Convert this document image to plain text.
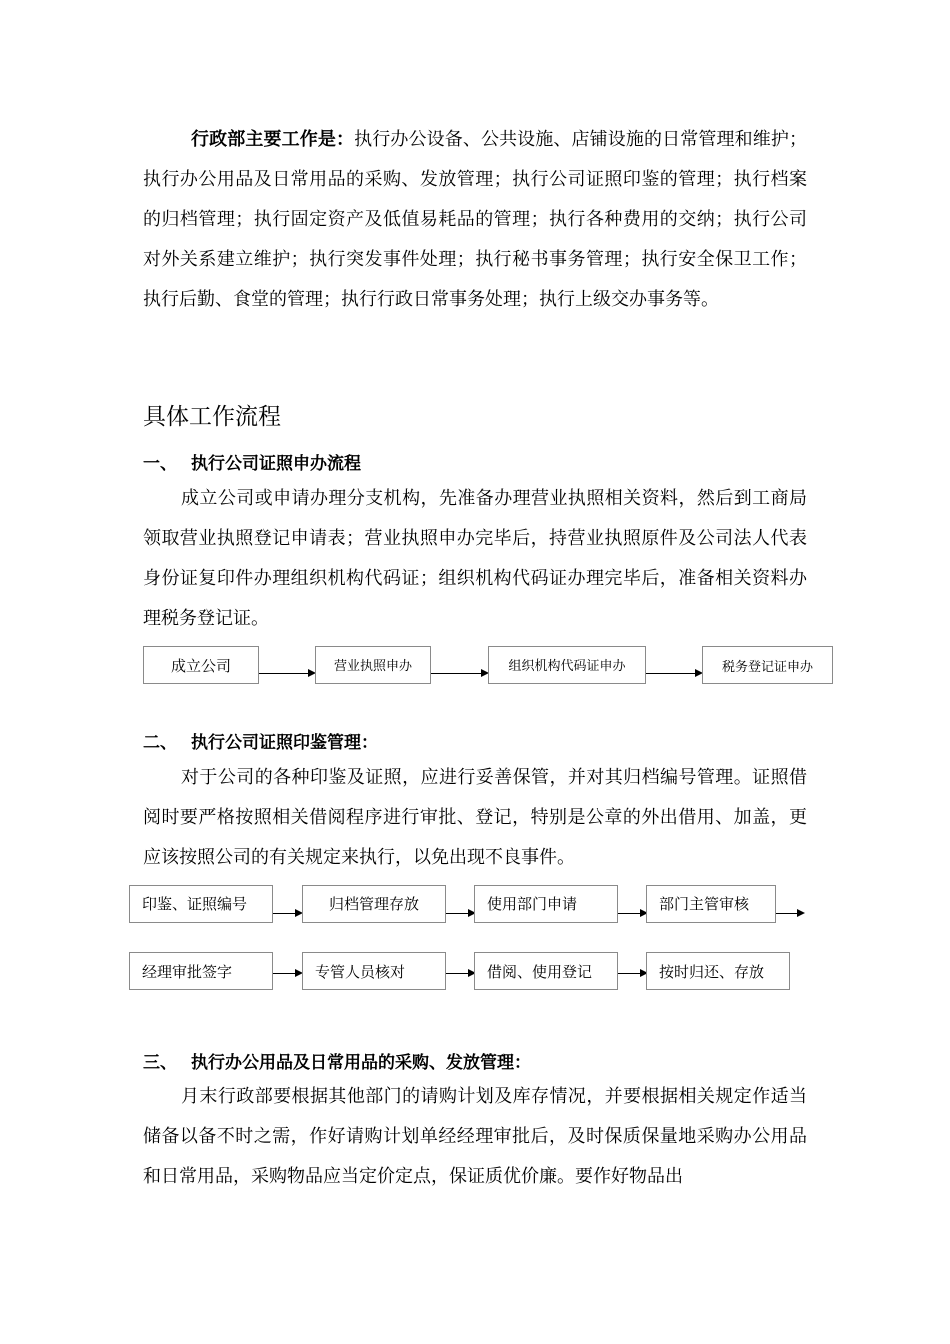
行政部主要工作是：执行办公设备、公共设施、店铺设施的日常管理和维护；执行办公用品及日常用品的采购、发放管理；执行公司证照印鉴的管理；执行档案的归档管理；执行固定资产及低值易耗品的管理；执行各种费用的交纳；执行公司对外关系建立维护；执行突发事件处理；执行秘书事务管理；执行安全保卫工作；执行后勤、食堂的管理；执行行政日常事务处理；执行上级交办事务等。

具体工作流程
一、 执行公司证照申办流程

成立公司或申请办理分支机构，先准备办理营业执照相关资料，然后到工商局领取营业执照登记申请表；营业执照申办完毕后，持营业执照原件及公司法人代表身份证复印件办理组织机构代码证；组织机构代码证办理完毕后，准备相关资料办理税务登记证。

成立公司	营业执照申办	组织机构代码证申办	税务登记证申办
二、 执行公司证照印鉴管理：

对于公司的各种印鉴及证照，应进行妥善保管，并对其归档编号管理。证照借阅时要严格按照相关借阅程序进行审批、登记，特别是公章的外出借用、加盖，更应该按照公司的有关规定来执行，以免出现不良事件。

印鉴、证照编号	归档管理存放	使用部门申请	部门主管审核
经理审批签字	专管人员核对	借阅、使用登记	按时归还、存放
三、 执行办公用品及日常用品的采购、发放管理：

月末行政部要根据其他部门的请购计划及库存情况，并要根据相关规定作适当储备以备不时之需，作好请购计划单经经理审批后，及时保质保量地采购办公用品和日常用品，采购物品应当定价定点，保证质优价廉。要作好物品出
